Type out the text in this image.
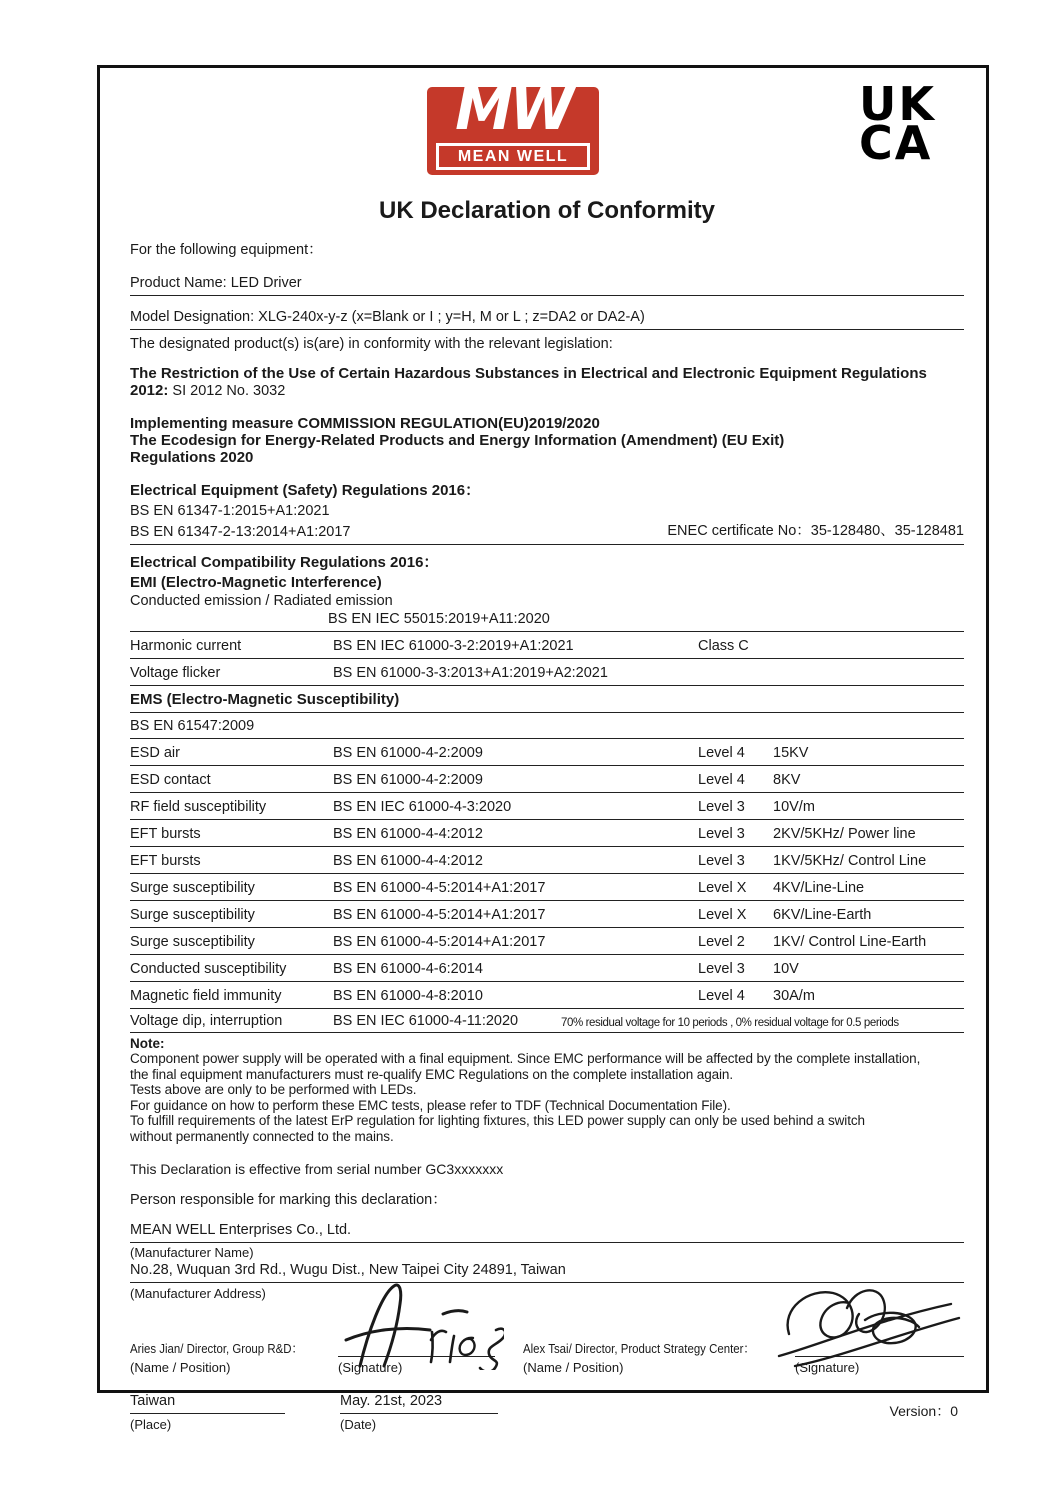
MW
MEAN WELL
UK
CA
UK Declaration of Conformity
For the following equipment：
Product Name: LED Driver
Model Designation: XLG-240x-y-z (x=Blank or I ; y=H, M or L ; z=DA2 or DA2-A)
The designated product(s) is(are) in conformity with the relevant legislation:
The Restriction of the Use of Certain Hazardous Substances in Electrical and Electronic Equipment Regulations 2012: SI 2012 No. 3032
Implementing measure COMMISSION REGULATION(EU)2019/2020
The Ecodesign for Energy-Related Products and Energy Information (Amendment) (EU Exit)
Regulations 2020
Electrical Equipment (Safety) Regulations 2016：
BS EN 61347-1:2015+A1:2021
BS EN 61347-2-13:2014+A1:2017	ENEC certificate No：35-128480、35-128481
Electrical Compatibility Regulations 2016：
EMI (Electro-Magnetic Interference)
Conducted emission / Radiated emission
BS EN IEC 55015:2019+A11:2020
Harmonic current	BS EN IEC 61000-3-2:2019+A1:2021	Class C
Voltage flicker	BS EN 61000-3-3:2013+A1:2019+A2:2021
EMS (Electro-Magnetic Susceptibility)
BS EN 61547:2009
ESD air	BS EN 61000-4-2:2009	Level 4	15KV
ESD contact	BS EN 61000-4-2:2009	Level 4	8KV
RF field susceptibility	BS EN IEC 61000-4-3:2020	Level 3	10V/m
EFT bursts	BS EN 61000-4-4:2012	Level 3	2KV/5KHz/ Power line
EFT bursts	BS EN 61000-4-4:2012	Level 3	1KV/5KHz/ Control Line
Surge susceptibility	BS EN 61000-4-5:2014+A1:2017	Level X	4KV/Line-Line
Surge susceptibility	BS EN 61000-4-5:2014+A1:2017	Level X	6KV/Line-Earth
Surge susceptibility	BS EN 61000-4-5:2014+A1:2017	Level 2	1KV/ Control Line-Earth
Conducted susceptibility	BS EN 61000-4-6:2014	Level 3	10V
Magnetic field immunity	BS EN 61000-4-8:2010	Level 4	30A/m
Voltage dip, interruption	BS EN IEC 61000-4-11:2020	70% residual voltage for 10 periods , 0% residual voltage for 0.5 periods
Note:
Component power supply will be operated with a final equipment. Since EMC performance will be affected by the complete installation,
the final equipment manufacturers must re-qualify EMC Regulations on the complete installation again.
Tests above are only to be performed with LEDs.
For guidance on how to perform these EMC tests, please refer to TDF (Technical Documentation File).
To fulfill requirements of the latest ErP regulation for lighting fixtures, this LED power supply can only be used behind a switch
without permanently connected to the mains.
This Declaration is effective from serial number GC3xxxxxxx
Person responsible for marking this declaration：
MEAN WELL Enterprises Co., Ltd.
(Manufacturer Name)
No.28, Wuquan 3rd Rd., Wugu Dist., New Taipei City 24891, Taiwan
(Manufacturer Address)
Aries Jian/ Director, Group R&D：	Alex Tsai/ Director, Product Strategy Center：
(Name / Position)	(Signature)	(Name / Position)	(Signature)
Taiwan	May. 21st, 2023
(Place)	(Date)
Version：0
